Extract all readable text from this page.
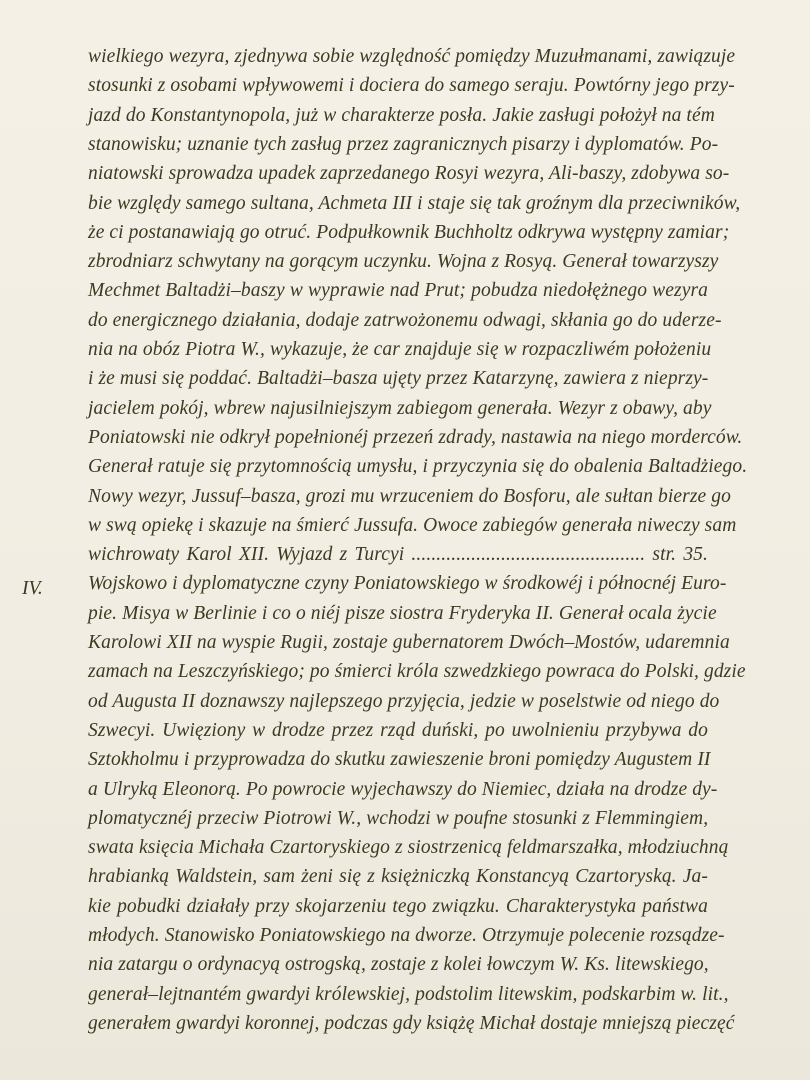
wielkiego wezyra, zjednywa sobie względność pomiędzy Muzułmanami, zawiązuje
stosunki z osobami wpływowemi i dociera do samego seraju. Powtórny jego przy-
jazd do Konstantynopola, już w charakterze posła. Jakie zasługi położył na tém
stanowisku; uznanie tych zasług przez zagranicznych pisarzy i dyplomatów. Po-
niatowski sprowadza upadek zaprzedanego Rosyi wezyra, Ali-baszy, zdobywa so-
bie względy samego sultana, Achmeta III i staje się tak groźnym dla przeciwników,
że ci postanawiają go otruć. Podpułkownik Buchholtz odkrywa występny zamiar;
zbrodniarz schwytany na gorącym uczynku. Wojna z Rosyą. Generał towarzyszy
Mechmet Baltadżi–baszy w wyprawie nad Prut; pobudza niedołężnego wezyra
do energicznego działania, dodaje zatrwożonemu odwagi, skłania go do uderze-
nia na obóz Piotra W., wykazuje, że car znajduje się w rozpaczliwém położeniu
i że musi się poddać. Baltadżi–basza ujęty przez Katarzynę, zawiera z nieprzy-
jacielem pokój, wbrew najusilniejszym zabiegom generała. Wezyr z obawy, aby
Poniatowski nie odkrył popełnionéj przezeń zdrady, nastawia na niego morderców.
Generał ratuje się przytomnością umysłu, i przyczynia się do obalenia Baltadżiego.
Nowy wezyr, Jussuf–basza, grozi mu wrzuceniem do Bosforu, ale sułtan bierze go
w swą opiekę i skazuje na śmierć Jussufa. Owoce zabiegów generała niweczy sam
wichrowaty Karol XII. Wyjazd z Turcyi ............................................... str. 35.
Wojskowo i dyplomatyczne czyny Poniatowskiego w środkowéj i północnéj Euro-
pie. Misya w Berlinie i co o niéj pisze siostra Fryderyka II. Generał ocala życie
Karolowi XII na wyspie Rugii, zostaje gubernatorem Dwóch–Mostów, udaremnia
zamach na Leszczyńskiego; po śmierci króla szwedzkiego powraca do Polski, gdzie
od Augusta II doznawszy najlepszego przyjęcia, jedzie w poselstwie od niego do
Szwecyi. Uwięziony w drodze przez rząd duński, po uwolnieniu przybywa do
Sztokholmu i przyprowadza do skutku zawieszenie broni pomiędzy Augustem II
a Ulryką Eleonorą. Po powrocie wyjechawszy do Niemiec, działa na drodze dy-
plomatycznéj przeciw Piotrowi W., wchodzi w poufne stosunki z Flemmingiem,
swata księcia Michała Czartoryskiego z siostrzenicą feldmarszałka, młodziuchną
hrabianką Waldstein, sam żeni się z księżniczką Konstancyą Czartoryską. Ja-
kie pobudki działały przy skojarzeniu tego związku. Charakterystyka państwa
młodych. Stanowisko Poniatowskiego na dworze. Otrzymuje polecenie rozsądze-
nia zatargu o ordynacyą ostrogską, zostaje z kolei łowczym W. Ks. litewskiego,
generał–lejtnantém gwardyi królewskiej, podstolim litewskim, podskarbim w. lit.,
generałem gwardyi koronnej, podczas gdy książę Michał dostaje mniejszą pieczęć
IV.
